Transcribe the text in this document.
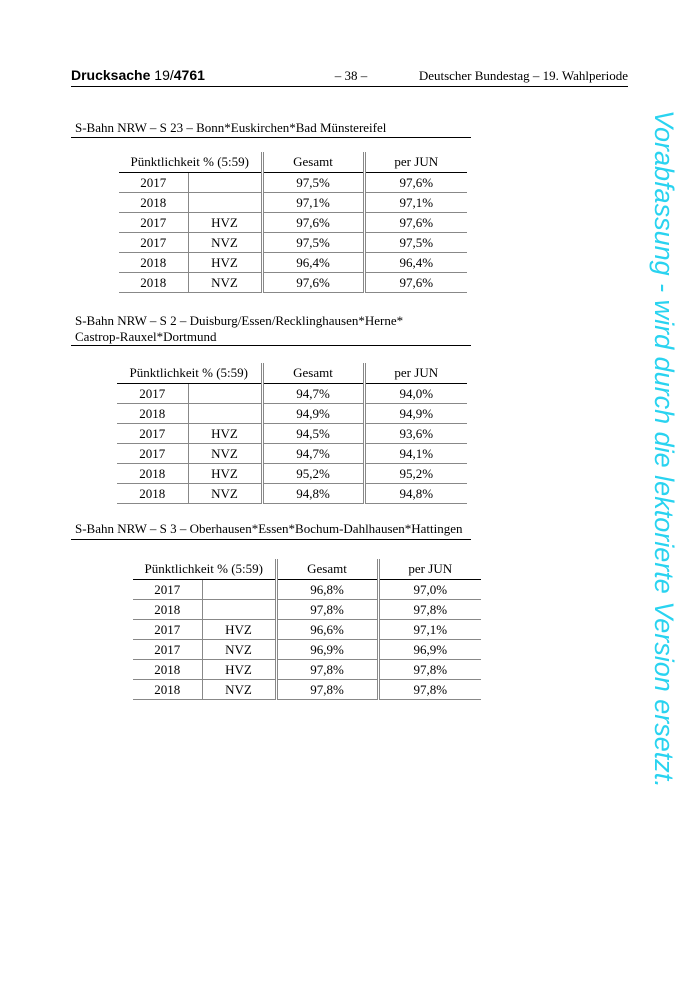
Drucksache 19/4761	– 38 –	Deutscher Bundestag – 19. Wahlperiode
S-Bahn NRW – S 23 – Bonn*Euskirchen*Bad Münstereifel
Pünktlichkeit % (5:59)		Gesamt	per JUN
2017		97,5%	97,6%
2018		97,1%	97,1%
2017	HVZ	97,6%	97,6%
2017	NVZ	97,5%	97,5%
2018	HVZ	96,4%	96,4%
2018	NVZ	97,6%	97,6%
S-Bahn NRW – S 2 – Duisburg/Essen/Recklinghausen*Herne*
Castrop-Rauxel*Dortmund
Pünktlichkeit % (5:59)		Gesamt	per JUN
2017		94,7%	94,0%
2018		94,9%	94,9%
2017	HVZ	94,5%	93,6%
2017	NVZ	94,7%	94,1%
2018	HVZ	95,2%	95,2%
2018	NVZ	94,8%	94,8%
S-Bahn NRW – S 3 – Oberhausen*Essen*Bochum-Dahlhausen*Hattingen
Pünktlichkeit % (5:59)		Gesamt	per JUN
2017		96,8%	97,0%
2018		97,8%	97,8%
2017	HVZ	96,6%	97,1%
2017	NVZ	96,9%	96,9%
2018	HVZ	97,8%	97,8%
2018	NVZ	97,8%	97,8%	Vorabfassung - wird durch die lektorierte Version ersetzt.
